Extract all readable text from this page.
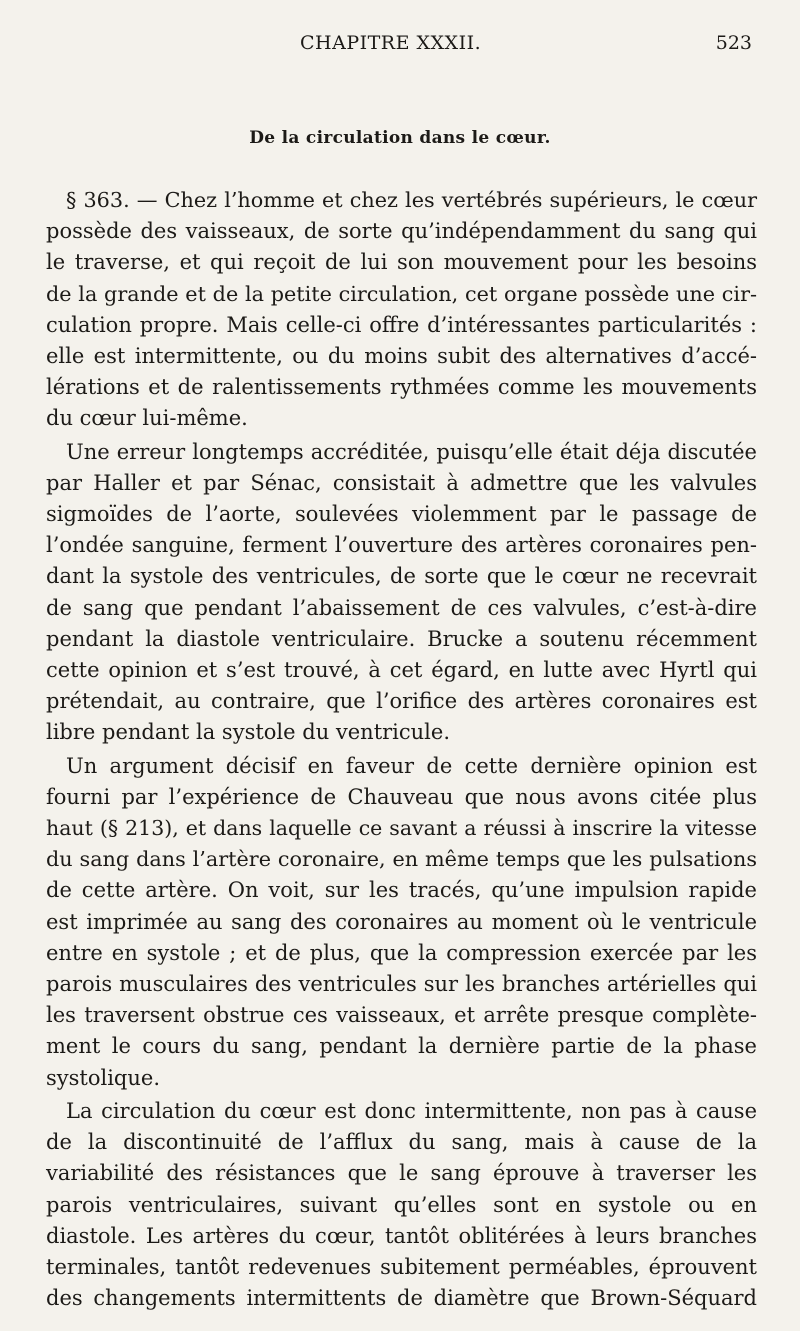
CHAPITRE XXXII.	523
De la circulation dans le cœur.

§ 363. — Chez l’homme et chez les vertébrés supérieurs, le cœur
possède des vaisseaux, de sorte qu’indépendamment du sang qui
le traverse, et qui reçoit de lui son mouvement pour les besoins
de la grande et de la petite circulation, cet organe possède une cir-
culation propre. Mais celle-ci offre d’intéressantes particularités :
elle est intermittente, ou du moins subit des alternatives d’accé-
lérations et de ralentissements rythmées comme les mouvements
du cœur lui-même.

Une erreur longtemps accréditée, puisqu’elle était déja discutée
par Haller et par Sénac, consistait à admettre que les valvules
sigmoïdes de l’aorte, soulevées violemment par le passage de
l’ondée sanguine, ferment l’ouverture des artères coronaires pen-
dant la systole des ventricules, de sorte que le cœur ne recevrait
de sang que pendant l’abaissement de ces valvules, c’est-à-dire
pendant la diastole ventriculaire. Brucke a soutenu récemment
cette opinion et s’est trouvé, à cet égard, en lutte avec Hyrtl qui
prétendait, au contraire, que l’orifice des artères coronaires est
libre pendant la systole du ventricule.

Un argument décisif en faveur de cette dernière opinion est
fourni par l’expérience de Chauveau que nous avons citée plus
haut (§ 213), et dans laquelle ce savant a réussi à inscrire la vitesse
du sang dans l’artère coronaire, en même temps que les pulsations
de cette artère. On voit, sur les tracés, qu’une impulsion rapide
est imprimée au sang des coronaires au moment où le ventricule
entre en systole ; et de plus, que la compression exercée par les
parois musculaires des ventricules sur les branches artérielles qui
les traversent obstrue ces vaisseaux, et arrête presque complète-
ment le cours du sang, pendant la dernière partie de la phase
systolique.

La circulation du cœur est donc intermittente, non pas à cause
de la discontinuité de l’afflux du sang, mais à cause de la
variabilité des résistances que le sang éprouve à traverser les
parois ventriculaires, suivant qu’elles sont en systole ou en
diastole. Les artères du cœur, tantôt oblitérées à leurs branches
terminales, tantôt redevenues subitement perméables, éprouvent
des changements intermittents de diamètre que Brown-Séquard
